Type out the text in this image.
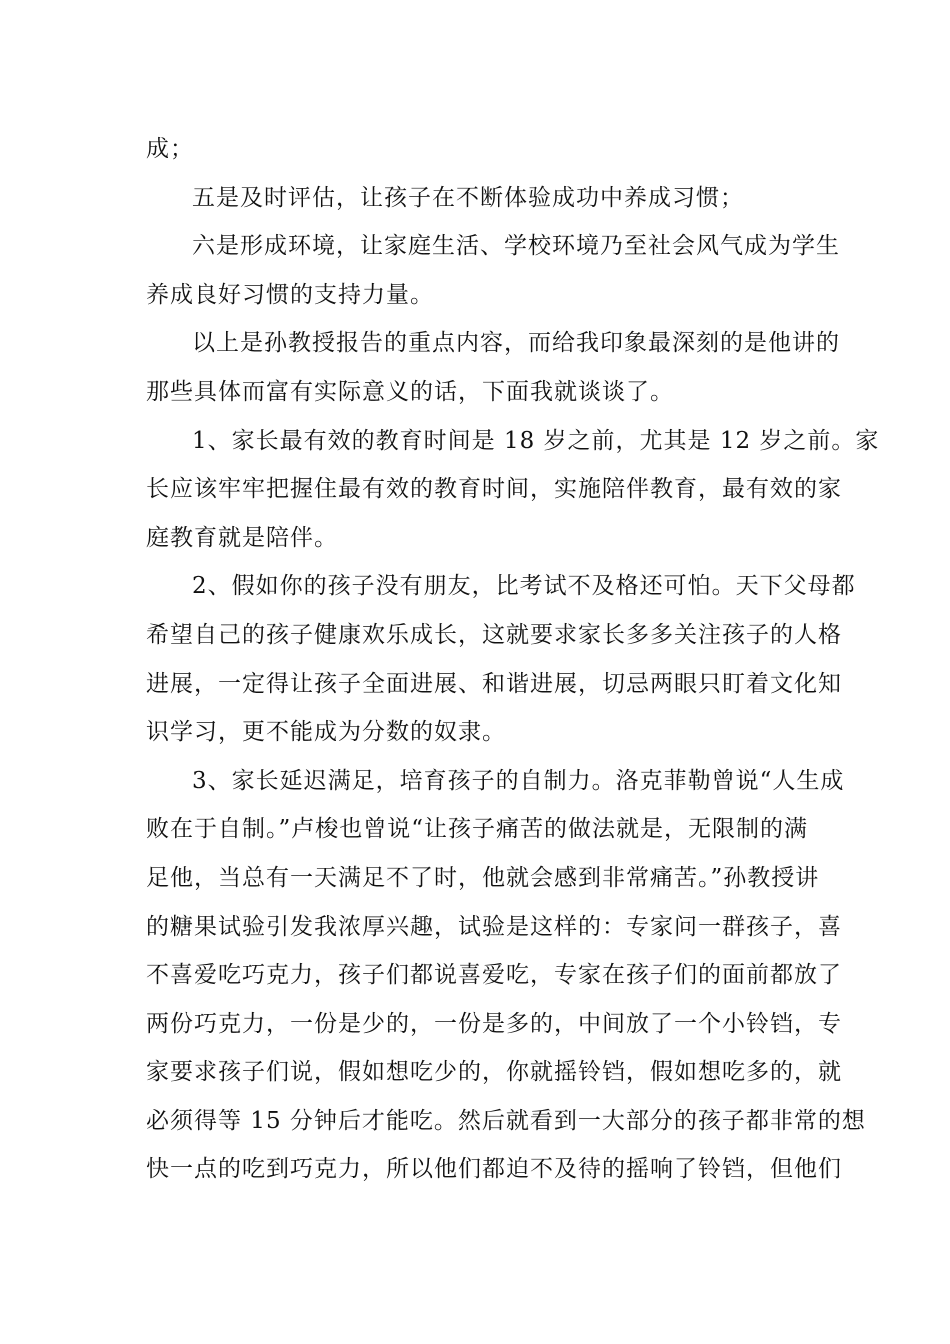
成；

五是及时评估，让孩子在不断体验成功中养成习惯；

六是形成环境，让家庭生活、学校环境乃至社会风气成为学生
养成良好习惯的支持力量。

以上是孙教授报告的重点内容，而给我印象最深刻的是他讲的
那些具体而富有实际意义的话，下面我就谈谈了。

1、家长最有效的教育时间是 18 岁之前，尤其是 12 岁之前。家
长应该牢牢把握住最有效的教育时间，实施陪伴教育，最有效的家
庭教育就是陪伴。

2、假如你的孩子没有朋友，比考试不及格还可怕。天下父母都
希望自己的孩子健康欢乐成长，这就要求家长多多关注孩子的人格
进展，一定得让孩子全面进展、和谐进展，切忌两眼只盯着文化知
识学习，更不能成为分数的奴隶。

3、家长延迟满足，培育孩子的自制力。洛克菲勒曾说“人生成
败在于自制。”卢梭也曾说“让孩子痛苦的做法就是，无限制的满
足他，当总有一天满足不了时，他就会感到非常痛苦。”孙教授讲
的糖果试验引发我浓厚兴趣，试验是这样的：专家问一群孩子，喜
不喜爱吃巧克力，孩子们都说喜爱吃，专家在孩子们的面前都放了
两份巧克力，一份是少的，一份是多的，中间放了一个小铃铛，专
家要求孩子们说，假如想吃少的，你就摇铃铛，假如想吃多的，就
必须得等 15 分钟后才能吃。然后就看到一大部分的孩子都非常的想
快一点的吃到巧克力，所以他们都迫不及待的摇响了铃铛，但他们
